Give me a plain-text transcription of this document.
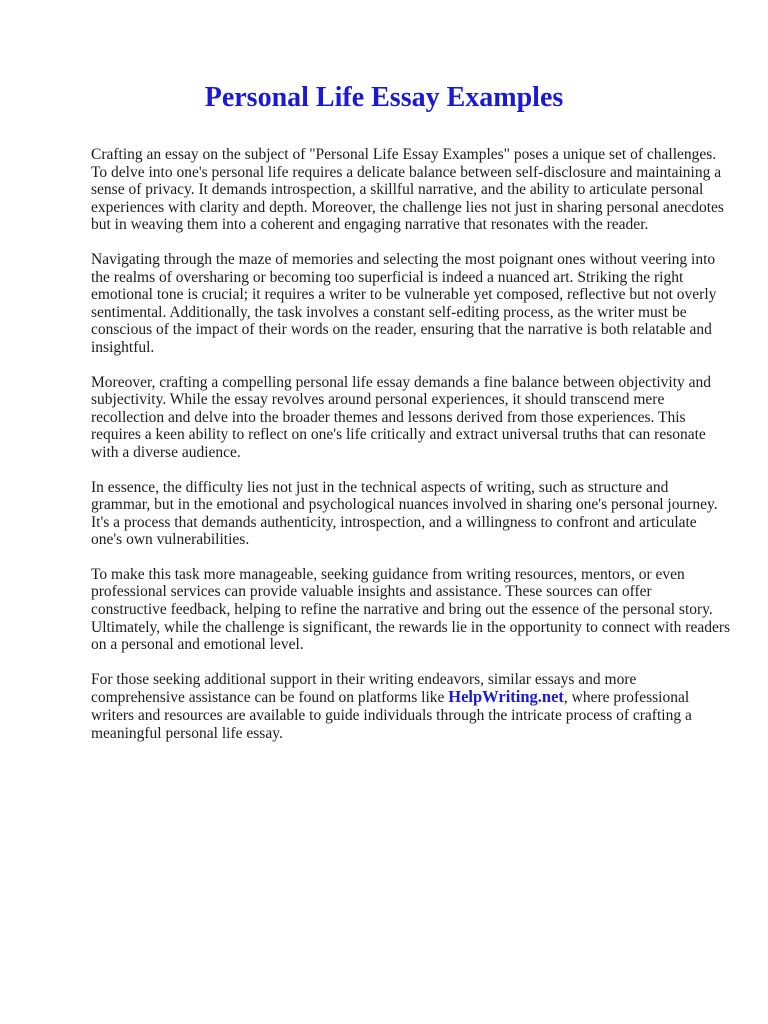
Personal Life Essay Examples

Crafting an essay on the subject of "Personal Life Essay Examples" poses a unique set of challenges. To delve into one's personal life requires a delicate balance between self-disclosure and maintaining a sense of privacy. It demands introspection, a skillful narrative, and the ability to articulate personal experiences with clarity and depth. Moreover, the challenge lies not just in sharing personal anecdotes but in weaving them into a coherent and engaging narrative that resonates with the reader.

Navigating through the maze of memories and selecting the most poignant ones without veering into the realms of oversharing or becoming too superficial is indeed a nuanced art. Striking the right emotional tone is crucial; it requires a writer to be vulnerable yet composed, reflective but not overly sentimental. Additionally, the task involves a constant self-editing process, as the writer must be conscious of the impact of their words on the reader, ensuring that the narrative is both relatable and insightful.

Moreover, crafting a compelling personal life essay demands a fine balance between objectivity and subjectivity. While the essay revolves around personal experiences, it should transcend mere recollection and delve into the broader themes and lessons derived from those experiences. This requires a keen ability to reflect on one's life critically and extract universal truths that can resonate with a diverse audience.

In essence, the difficulty lies not just in the technical aspects of writing, such as structure and grammar, but in the emotional and psychological nuances involved in sharing one's personal journey. It's a process that demands authenticity, introspection, and a willingness to confront and articulate one's own vulnerabilities.

To make this task more manageable, seeking guidance from writing resources, mentors, or even professional services can provide valuable insights and assistance. These sources can offer constructive feedback, helping to refine the narrative and bring out the essence of the personal story. Ultimately, while the challenge is significant, the rewards lie in the opportunity to connect with readers on a personal and emotional level.

For those seeking additional support in their writing endeavors, similar essays and more comprehensive assistance can be found on platforms like HelpWriting.net, where professional writers and resources are available to guide individuals through the intricate process of crafting a meaningful personal life essay.
